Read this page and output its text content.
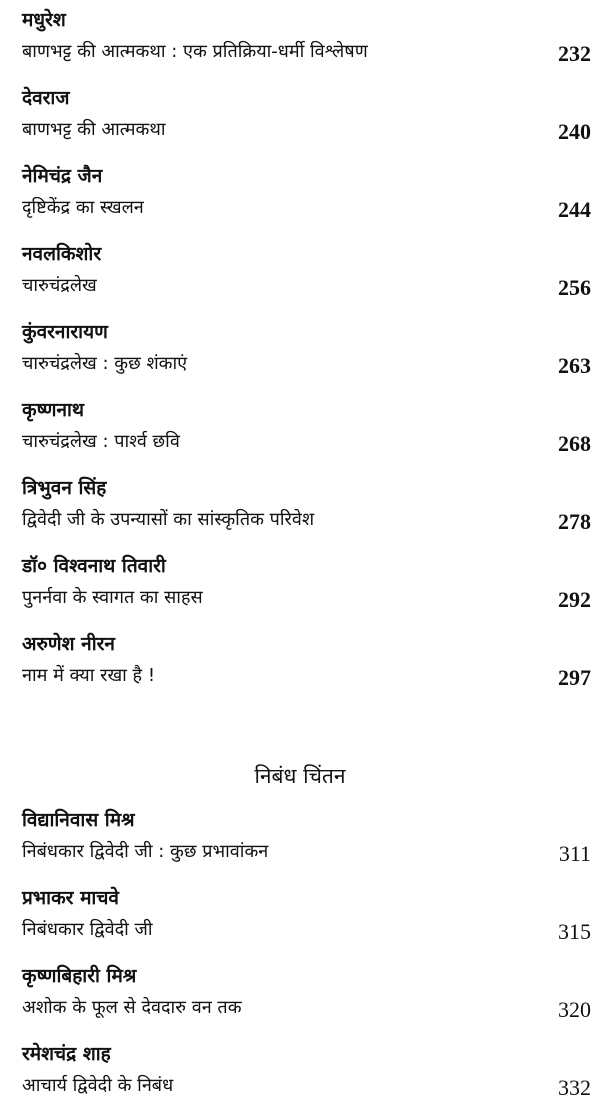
मधुरेश
बाणभट्ट की आत्मकथा : एक प्रतिक्रिया-धर्मी विश्लेषण	232
देवराज
बाणभट्ट की आत्मकथा	240
नेमिचंद्र जैन
दृष्टिकेंद्र का स्खलन	244
नवलकिशोर
चारुचंद्रलेख	256
कुंवरनारायण
चारुचंद्रलेख : कुछ शंकाएं	263
कृष्णनाथ
चारुचंद्रलेख : पार्श्व छवि	268
त्रिभुवन सिंह
द्विवेदी जी के उपन्यासों का सांस्कृतिक परिवेश	278
डॉ० विश्वनाथ तिवारी
पुनर्नवा के स्वागत का साहस	292
अरुणेश नीरन
नाम में क्या रखा है !	297
निबंध चिंतन
विद्यानिवास मिश्र
निबंधकार द्विवेदी जी : कुछ प्रभावांकन	311
प्रभाकर माचवे
निबंधकार द्विवेदी जी	315
कृष्णबिहारी मिश्र
अशोक के फूल से देवदारु वन तक	320
रमेशचंद्र शाह
आचार्य द्विवेदी के निबंध	332
